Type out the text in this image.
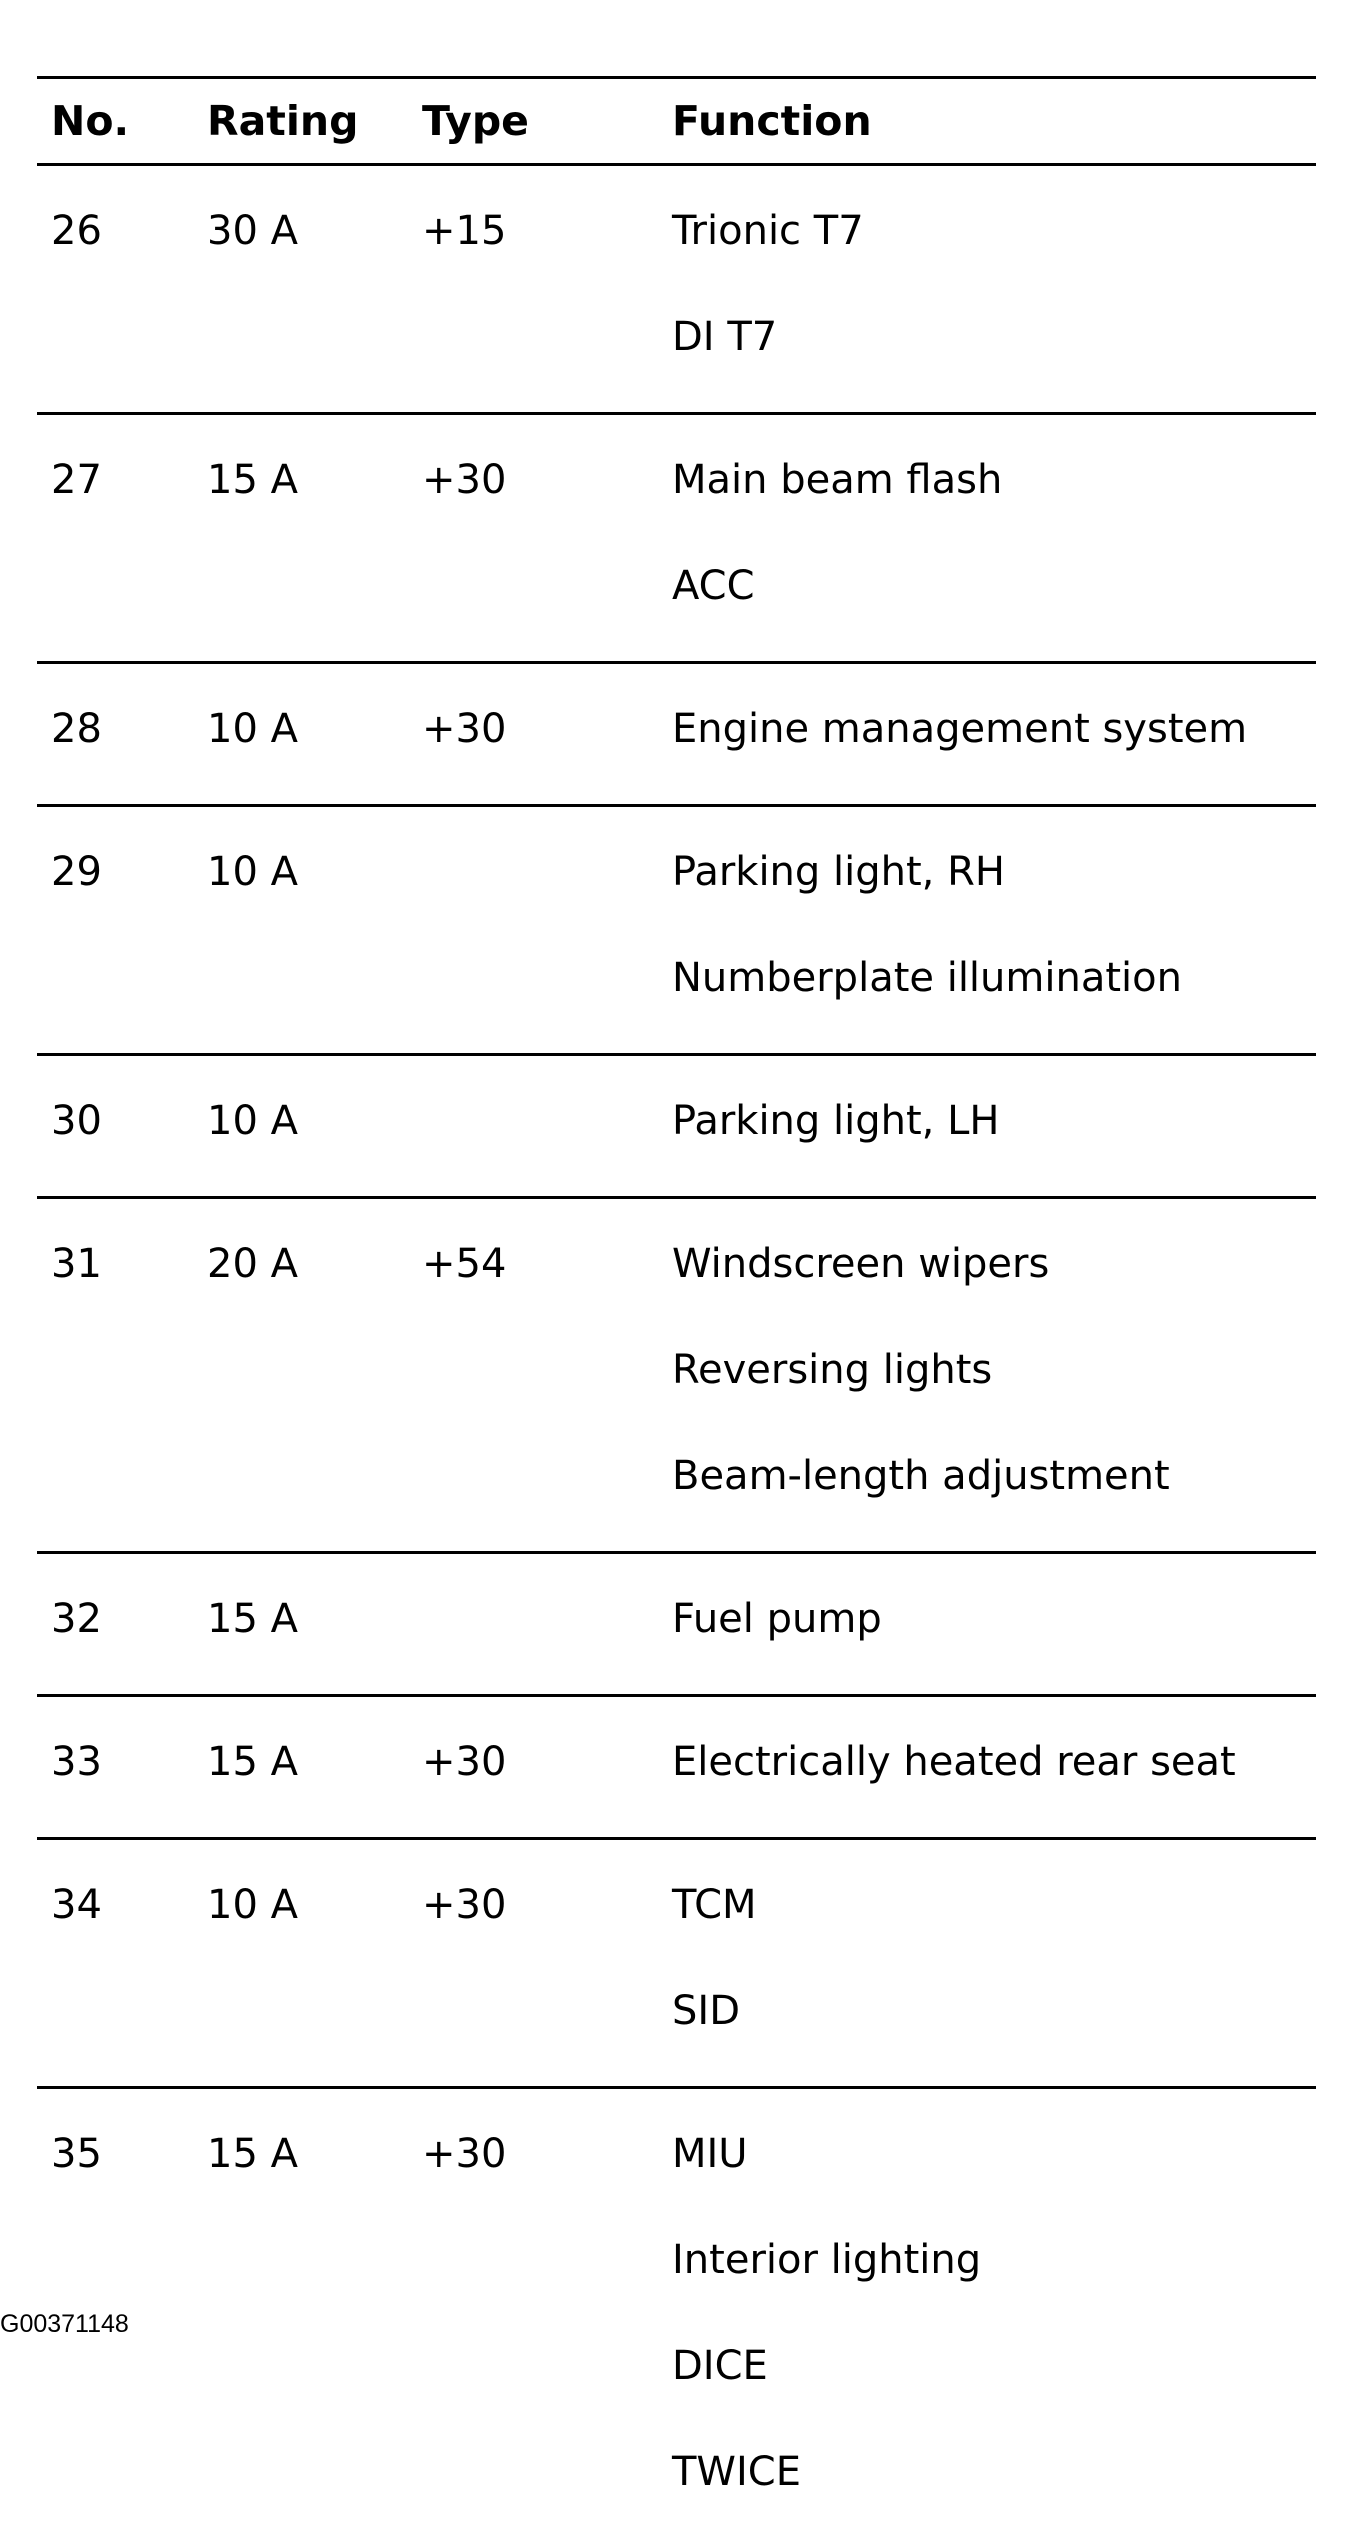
No.	Rating	Type	Function
26	30 A	+15	Trionic T7
DI T7

27	15 A	+30	Main beam flash
ACC

28	10 A	+30	Engine management system

29	10 A		Parking light, RH
Numberplate illumination

30	10 A		Parking light, LH

31	20 A	+54	Windscreen wipers
Reversing lights
Beam-length adjustment

32	15 A		Fuel pump

33	15 A	+30	Electrically heated rear seat

34	10 A	+30	TCM
SID

35	15 A	+30	MIU
Interior lighting
DICE
TWICE
G00371148
